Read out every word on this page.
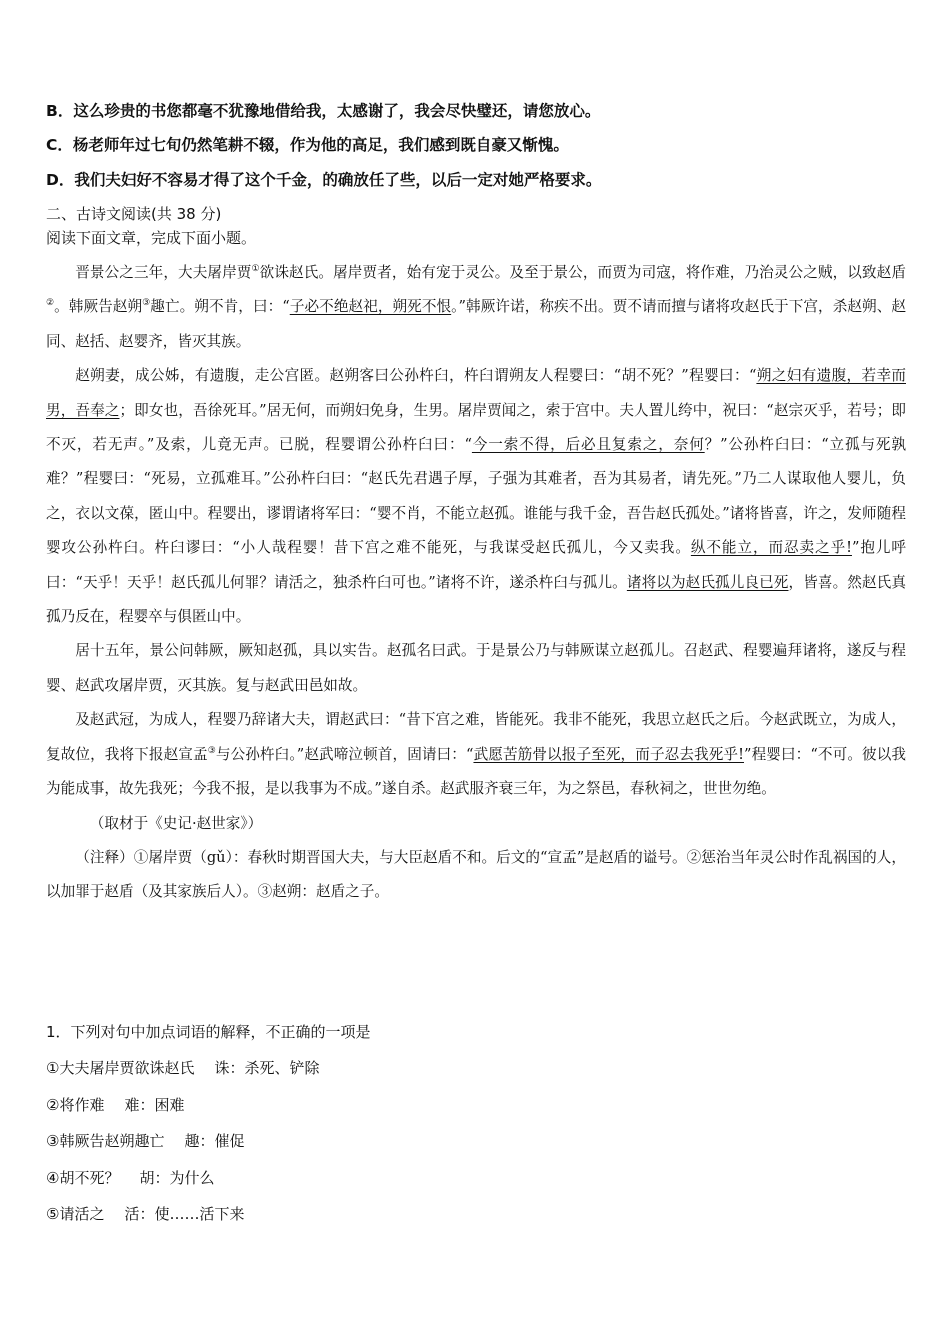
B．这么珍贵的书您都毫不犹豫地借给我，太感谢了，我会尽快璧还，请您放心。
C．杨老师年过七旬仍然笔耕不辍，作为他的高足，我们感到既自豪又惭愧。
D．我们夫妇好不容易才得了这个千金，的确放任了些，以后一定对她严格要求。
二、古诗文阅读(共 38 分)
阅读下面文章，完成下面小题。

晋景公之三年，大夫屠岸贾①欲诛赵氏。屠岸贾者，始有宠于灵公。及至于景公，而贾为司寇，将作难，乃治灵公之贼，以致赵盾②。韩厥告赵朔③趣亡。朔不肯，曰：“子必不绝赵祀，朔死不恨。”韩厥许诺，称疾不出。贾不请而擅与诸将攻赵氏于下宫，杀赵朔、赵同、赵括、赵婴齐，皆灭其族。

赵朔妻，成公姊，有遗腹，走公宫匿。赵朔客曰公孙杵臼，杵臼谓朔友人程婴曰：“胡不死？”程婴曰：“朔之妇有遗腹，若幸而男，吾奉之；即女也，吾徐死耳。”居无何，而朔妇免身，生男。屠岸贾闻之，索于宫中。夫人置儿绔中，祝曰：“赵宗灭乎，若号；即不灭，若无声。”及索，儿竟无声。已脱，程婴谓公孙杵臼曰：“今一索不得，后必且复索之，奈何？”公孙杵臼曰：“立孤与死孰难？”程婴曰：“死易，立孤难耳。”公孙杵臼曰：“赵氏先君遇子厚，子强为其难者，吾为其易者，请先死。”乃二人谋取他人婴儿，负之，衣以文葆，匿山中。程婴出，谬谓诸将军曰：“婴不肖，不能立赵孤。谁能与我千金，吾告赵氏孤处。”诸将皆喜，许之，发师随程婴攻公孙杵臼。杵臼谬曰：“小人哉程婴！昔下宫之难不能死，与我谋受赵氏孤儿，今又卖我。纵不能立，而忍卖之乎!”抱儿呼曰：“天乎！天乎！赵氏孤儿何罪？请活之，独杀杵臼可也。”诸将不许，遂杀杵臼与孤儿。诸将以为赵氏孤儿良已死，皆喜。然赵氏真孤乃反在，程婴卒与俱匿山中。

居十五年，景公问韩厥，厥知赵孤，具以实告。赵孤名曰武。于是景公乃与韩厥谋立赵孤儿。召赵武、程婴遍拜诸将，遂反与程婴、赵武攻屠岸贾，灭其族。复与赵武田邑如故。

及赵武冠，为成人，程婴乃辞诸大夫，谓赵武曰：“昔下宫之难，皆能死。我非不能死，我思立赵氏之后。今赵武既立，为成人，复故位，我将下报赵宣孟③与公孙杵臼。”赵武啼泣顿首，固请曰：“武愿苦筋骨以报子至死，而子忍去我死乎!”程婴曰：“不可。彼以我为能成事，故先我死；今我不报，是以我事为不成。”遂自杀。赵武服齐衰三年，为之祭邑，春秋祠之，世世勿绝。

（取材于《史记·赵世家》）

（注释）①屠岸贾（gǔ）：春秋时期晋国大夫，与大臣赵盾不和。后文的“宣孟”是赵盾的谥号。②惩治当年灵公时作乱祸国的人，以加罪于赵盾（及其家族后人）。③赵朔：赵盾之子。

1．下列对句中加点词语的解释，不正确的一项是
①大夫屠岸贾欲诛赵氏 诛：杀死、铲除
②将作难 难：困难
③韩厥告赵朔趣亡 趣：催促
④胡不死？ 胡：为什么
⑤请活之 活：使……活下来
